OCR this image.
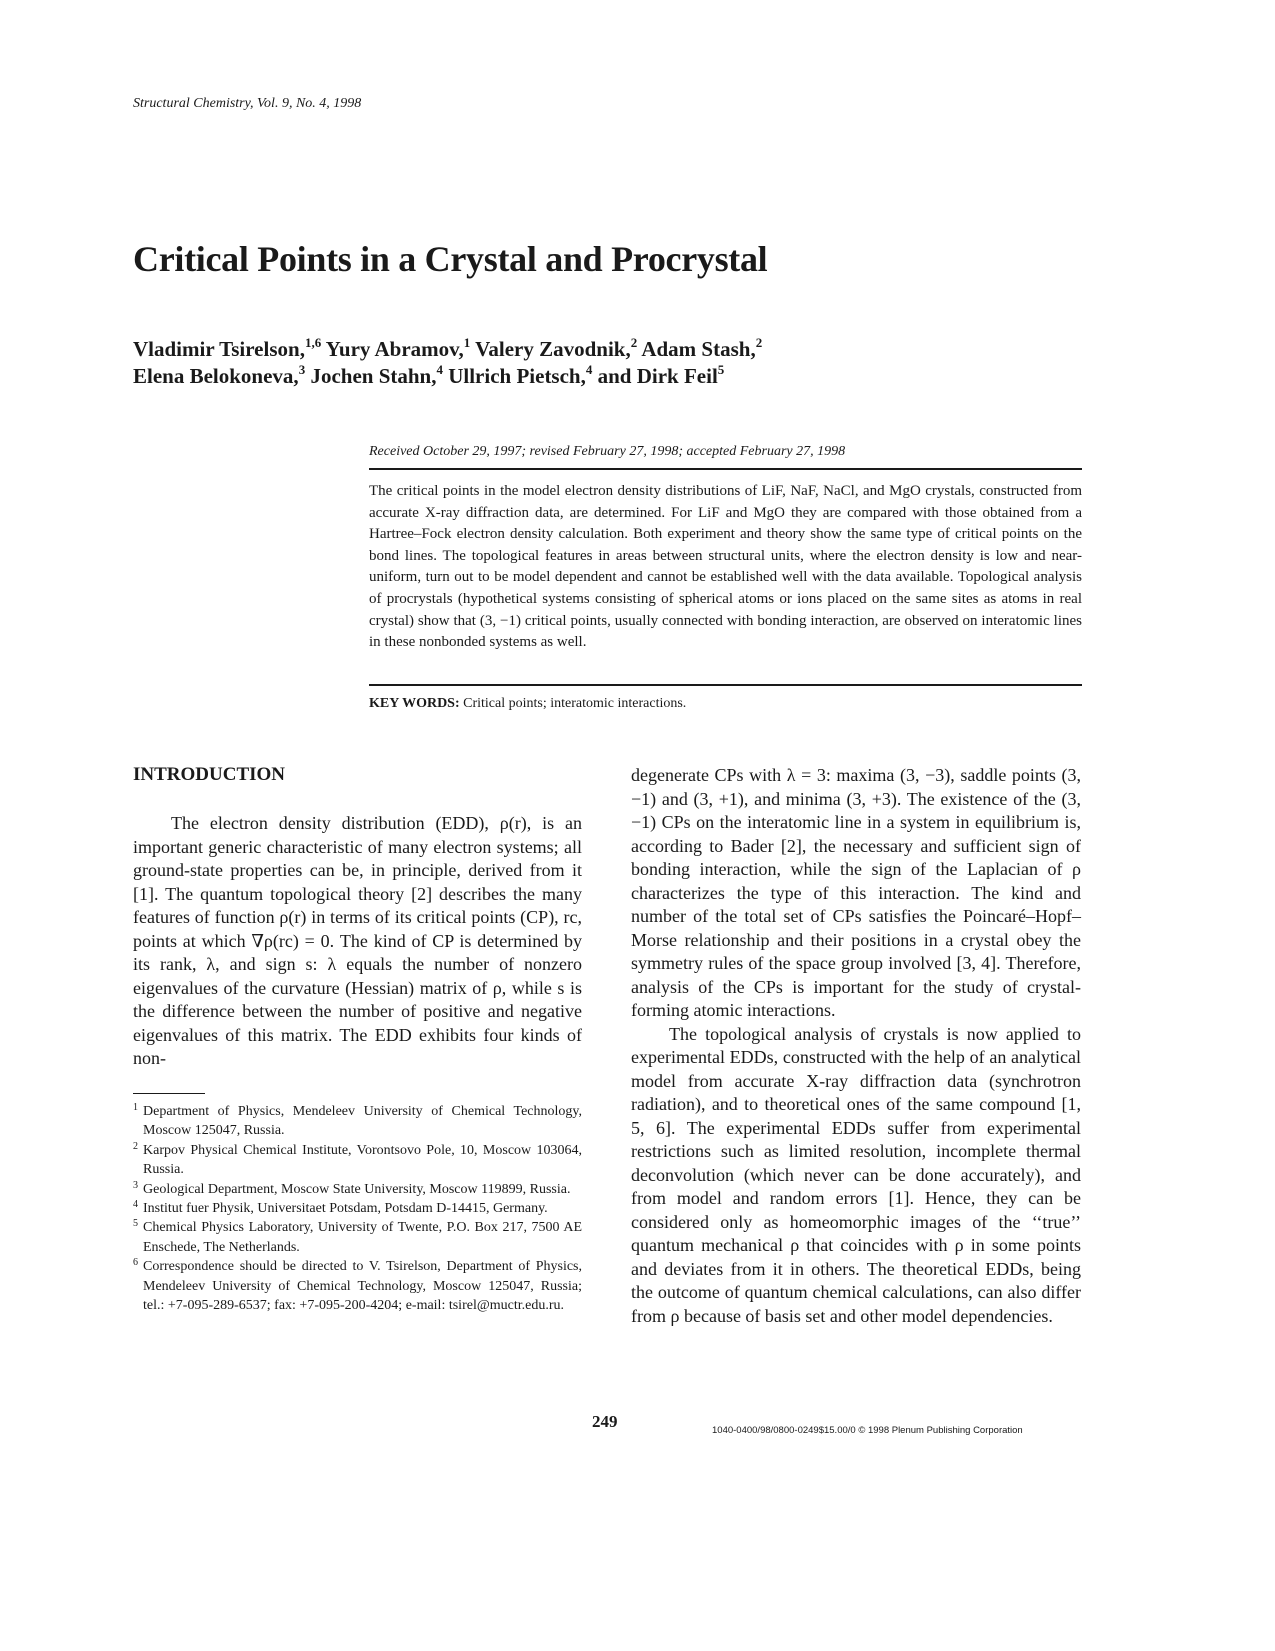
Structural Chemistry, Vol. 9, No. 4, 1998
Critical Points in a Crystal and Procrystal
Vladimir Tsirelson,$^{1,6}$ Yury Abramov,$^1$ Valery Zavodnik,$^2$ Adam Stash,$^2$
Elena Belokoneva,$^3$ Jochen Stahn,$^4$ Ullrich Pietsch,$^4$ and Dirk Feil$^5$
Received October 29, 1997; revised February 27, 1998; accepted February 27, 1998
The critical points in the model electron density distributions of LiF, NaF, NaCl, and MgO crystals, constructed from accurate X-ray diffraction data, are determined. For LiF and MgO they are compared with those obtained from a Hartree–Fock electron density calculation. Both experiment and theory show the same type of critical points on the bond lines. The topological features in areas between structural units, where the electron density is low and near-uniform, turn out to be model dependent and cannot be established well with the data available. Topological analysis of procrystals (hypothetical systems consisting of spherical atoms or ions placed on the same sites as atoms in real crystal) show that (3, −1) critical points, usually connected with bonding interaction, are observed on interatomic lines in these nonbonded systems as well.
KEY WORDS: Critical points; interatomic interactions.
INTRODUCTION

The electron density distribution (EDD), ρ(r), is an important generic characteristic of many electron systems; all ground-state properties can be, in principle, derived from it [1]. The quantum topological theory [2] describes the many features of function ρ(r) in terms of its critical points (CP), rc, points at which ∇ρ(rc) = 0. The kind of CP is determined by its rank, λ, and sign s: λ equals the number of nonzero eigenvalues of the curvature (Hessian) matrix of ρ, while s is the difference between the number of positive and negative eigenvalues of this matrix. The EDD exhibits four kinds of non-

degenerate CPs with λ = 3: maxima (3, −3), saddle points (3, −1) and (3, +1), and minima (3, +3). The existence of the (3, −1) CPs on the interatomic line in a system in equilibrium is, according to Bader [2], the necessary and sufficient sign of bonding interaction, while the sign of the Laplacian of ρ characterizes the type of this interaction. The kind and number of the total set of CPs satisfies the Poincaré–Hopf–Morse relationship and their positions in a crystal obey the symmetry rules of the space group involved [3, 4]. Therefore, analysis of the CPs is important for the study of crystal-forming atomic interactions.

The topological analysis of crystals is now applied to experimental EDDs, constructed with the help of an analytical model from accurate X-ray diffraction data (synchrotron radiation), and to theoretical ones of the same compound [1, 5, 6]. The experimental EDDs suffer from experimental restrictions such as limited resolution, incomplete thermal deconvolution (which never can be done accurately), and from model and random errors [1]. Hence, they can be considered only as homeomorphic images of the ‘‘true’’ quantum mechanical ρ that coincides with ρ in some points and deviates from it in others. The theoretical EDDs, being the outcome of quantum chemical calculations, can also differ from ρ because of basis set and other model dependencies.

1 Department of Physics, Mendeleev University of Chemical Technology, Moscow 125047, Russia.
2 Karpov Physical Chemical Institute, Vorontsovo Pole, 10, Moscow 103064, Russia.
3 Geological Department, Moscow State University, Moscow 119899, Russia.
4 Institut fuer Physik, Universitaet Potsdam, Potsdam D-14415, Germany.
5 Chemical Physics Laboratory, University of Twente, P.O. Box 217, 7500 AE Enschede, The Netherlands.
6 Correspondence should be directed to V. Tsirelson, Department of Physics, Mendeleev University of Chemical Technology, Moscow 125047, Russia; tel.: +7-095-289-6537; fax: +7-095-200-4204; e-mail: tsirel@muctr.edu.ru.
249	1040-0400/98/0800-0249$15.00/0 © 1998 Plenum Publishing Corporation
